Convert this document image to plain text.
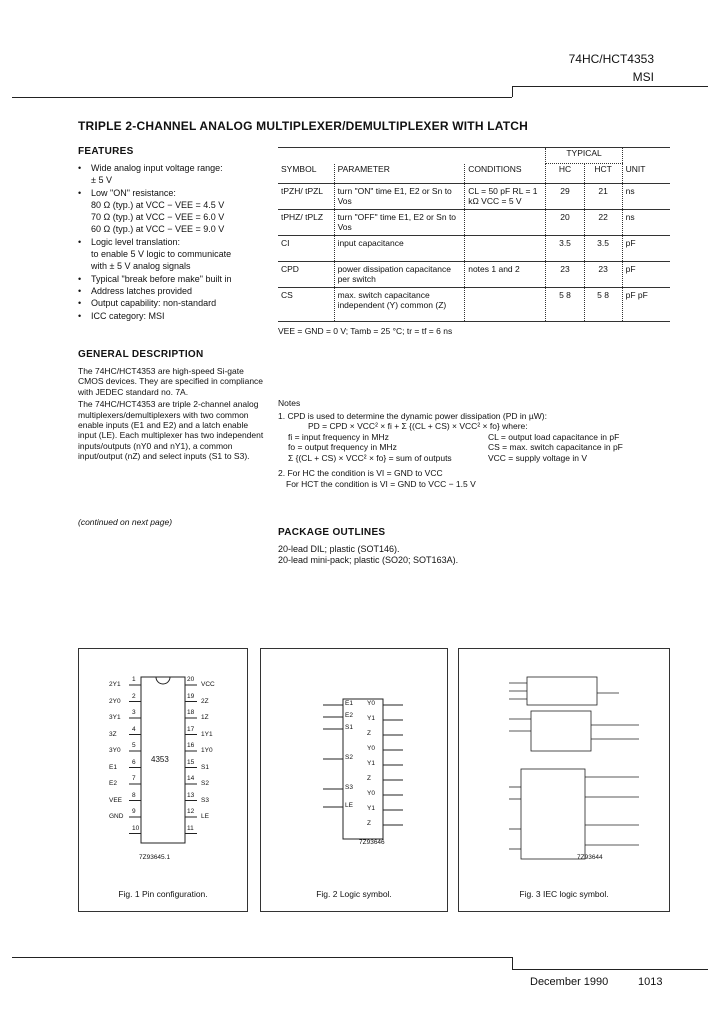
74HC/HCT4353
MSI
TRIPLE 2-CHANNEL ANALOG MULTIPLEXER/DEMULTIPLEXER WITH LATCH
FEATURES
• Wide analog input voltage range:
± 5 V
• Low "ON" resistance:
80 Ω (typ.) at VCC − VEE = 4.5 V
70 Ω (typ.) at VCC − VEE = 6.0 V
60 Ω (typ.) at VCC − VEE = 9.0 V
• Logic level translation:
to enable 5 V logic to communicate
with ± 5 V analog signals
• Typical "break before make" built in
• Address latches provided
• Output capability: non-standard
• ICC category: MSI
GENERAL DESCRIPTION

The 74HC/HCT4353 are high-speed Si-gate CMOS devices. They are specified in compliance with JEDEC standard no. 7A.

The 74HC/HCT4353 are triple 2-channel analog multiplexers/demultiplexers with two common enable inputs (E1 and E2) and a latch enable input (LE). Each multiplexer has two independent inputs/outputs (nY0 and nY1), a common input/output (nZ) and select inputs (S1 to S3).

(continued on next page)
			TYPICAL		
SYMBOL	PARAMETER	CONDITIONS	HC	HCT	UNIT
tPZH/ tPZL	turn "ON" time E1, E2 or Sn to Vos	CL = 50 pF RL = 1 kΩ VCC = 5 V	29	21	ns
tPHZ/ tPLZ	turn "OFF" time E1, E2 or Sn to Vos		20	22	ns
CI	input capacitance		3.5	3.5	pF
CPD	power dissipation capacitance per switch	notes 1 and 2	23	23	pF
CS	max. switch capacitance independent (Y) common (Z)		5 8	5 8	pF pF
VEE = GND = 0 V; Tamb = 25 °C; tr = tf = 6 ns
Notes
1. CPD is used to determine the dynamic power dissipation (PD in µW):
PD = CPD × VCC² × fi + Σ {(CL + CS) × VCC² × fo} where:
fi = input frequency in MHz
fo = output frequency in MHz
Σ {(CL + CS) × VCC² × fo} = sum of outputs
CL = output load capacitance in pF
CS = max. switch capacitance in pF
VCC = supply voltage in V
2. For HC the condition is VI = GND to VCC
For HCT the condition is VI = GND to VCC − 1.5 V
PACKAGE OUTLINES
20-lead DIL; plastic (SOT146).
20-lead mini-pack; plastic (SO20; SOT163A).
4353
1
2Y1
2
2Y0
3
3Y1
4
3Z
5
3Y0
6
E1
7
E2
8
VEE
9
GND
10
20
VCC
19
2Z
18
1Z
17
1Y1
16
1Y0
15
S1
14
S2
13
S3
12
LE
11
7Z93645.1
Fig. 1 Pin configuration.
E1
E2
S1
S2
S3
LE
Y0
Y1
Z
Y0
Y1
Z
Y0
Y1
Z
7Z93646
Fig. 2 Logic symbol.
7Z93644
Fig. 3 IEC logic symbol.
December 1990	1013
